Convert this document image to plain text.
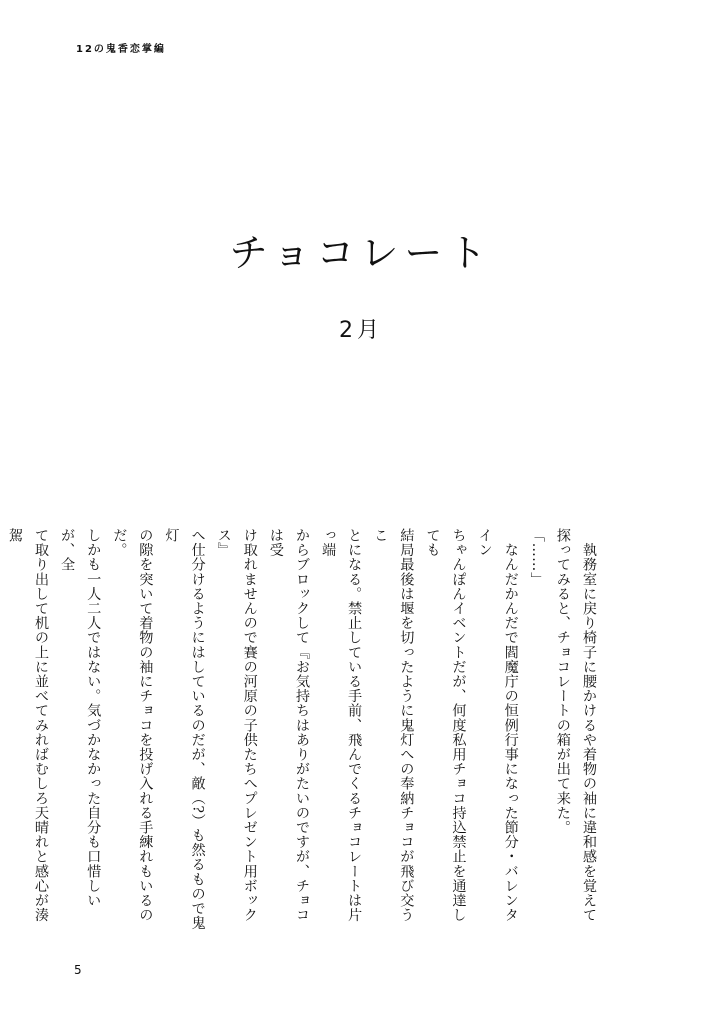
12の鬼香恋掌編
チョコレート
2月

　執務室に戻り椅子に腰かけるや着物の袖に違和感を覚えて

探ってみると、チョコレートの箱が出て来た。

「……」

　なんだかんだで閻魔庁の恒例行事になった節分・バレンタイン

ちゃんぽんイベントだが、何度私用チョコ持込禁止を通達しても

結局最後は堰を切ったように鬼灯への奉納チョコが飛び交うこ

とになる。禁止している手前、飛んでくるチョコレートは片っ端

からブロックして『お気持ちはありがたいのですが、チョコは受

け取れませんので賽の河原の子供たちへプレゼント用ボックス』

へ仕分けるようにはしているのだが、敵（?）も然るもので鬼灯

の隙を突いて着物の袖にチョコを投げ入れる手練れもいるのだ。

しかも一人二人ではない。気づかなかった自分も口惜しいが、全

て取り出して机の上に並べてみればむしろ天晴れと感心が湊駕

5
